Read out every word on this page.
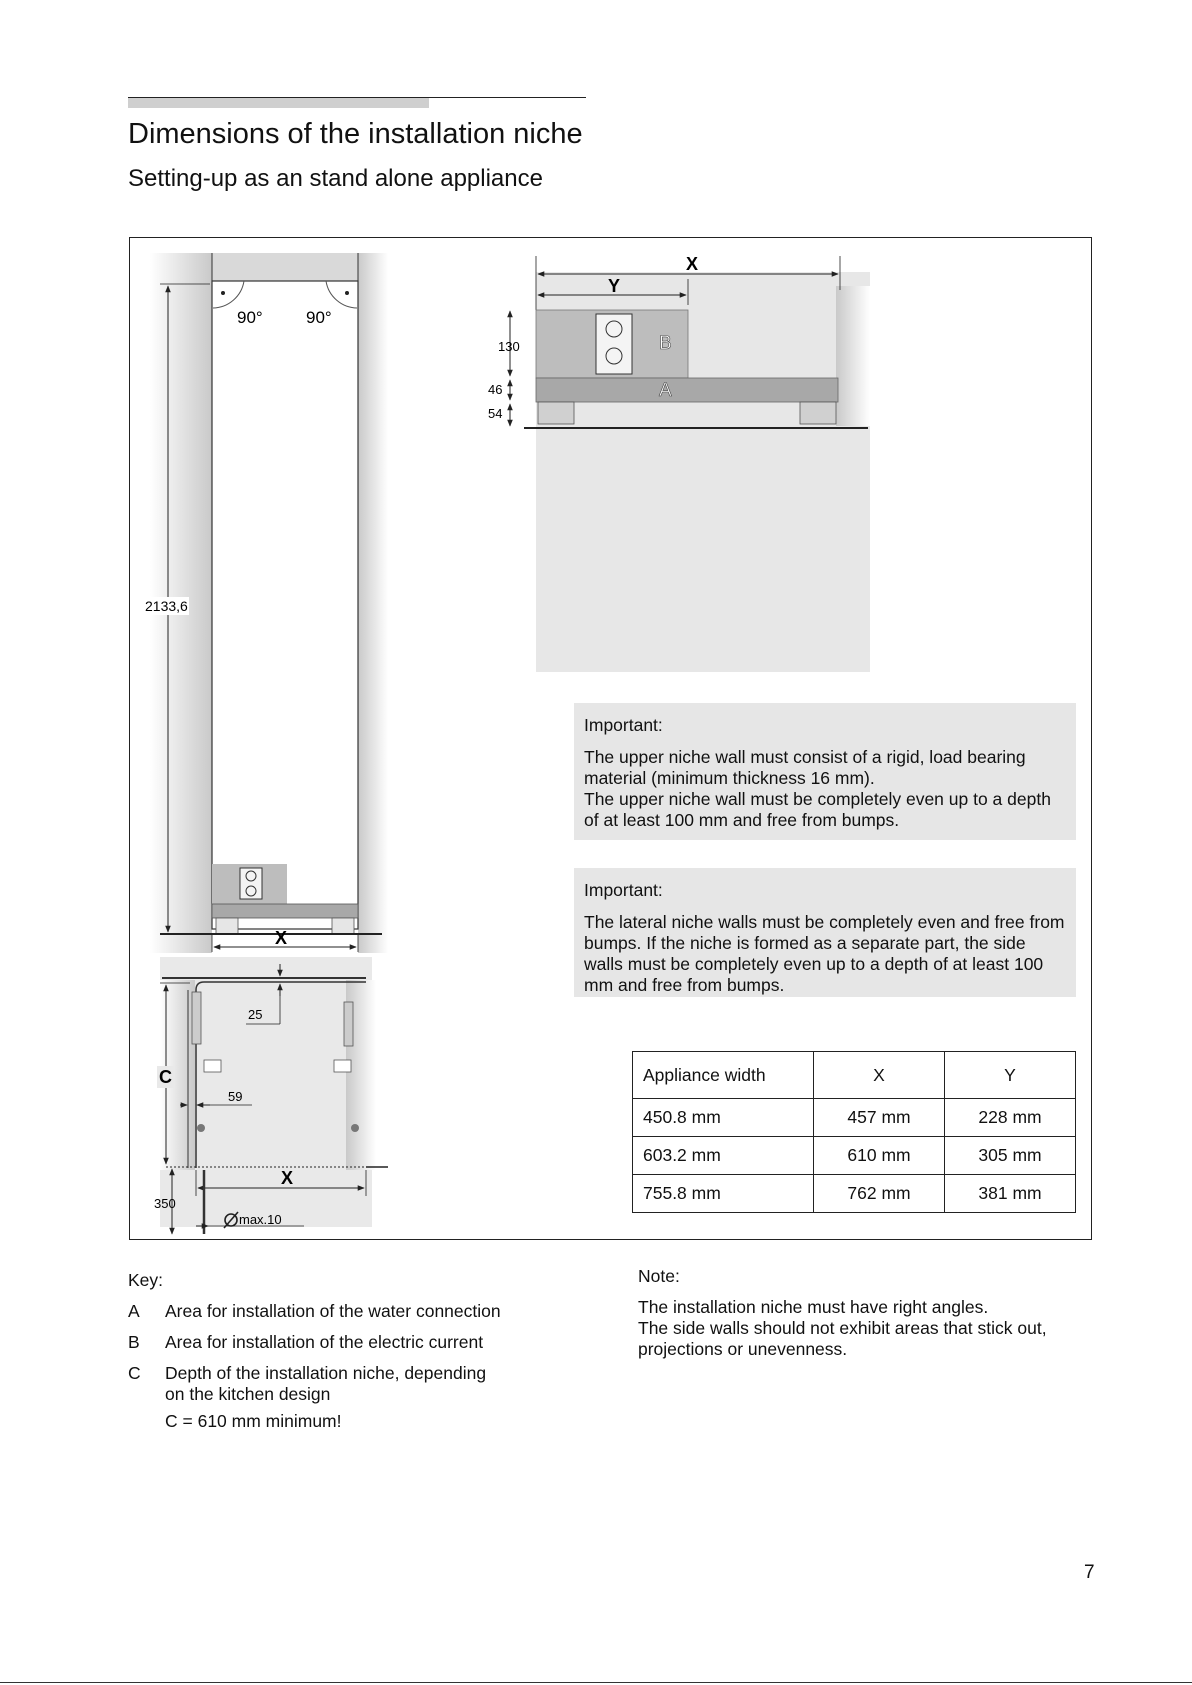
Dimensions of the installation niche
Setting-up as an stand alone appliance
90°	90°
2133,6
X
X
Y
B
A
130
46
54
25
C
59
X
350
max.10
Important:

The upper niche wall must consist of a rigid, load bearing material (minimum thickness 16 mm).

The upper niche wall must be completely even up to a depth of at least 100 mm and free from bumps.

Important:

The lateral niche walls must be completely even and free from bumps. If the niche is formed as a separate part, the side walls must be completely even up to a depth of at least 100 mm and free from bumps.

Appliance width	X	Y
450.8 mm	457 mm	228 mm
603.2 mm	610 mm	305 mm
755.8 mm	762 mm	381 mm
Key:
A	Area for installation of the water connection
B	Area for installation of the electric current
C	Depth of the installation niche, depending on the kitchen design
C = 610 mm minimum!
Note:

The installation niche must have right angles.

The side walls should not exhibit areas that stick out, projections or unevenness.

7
